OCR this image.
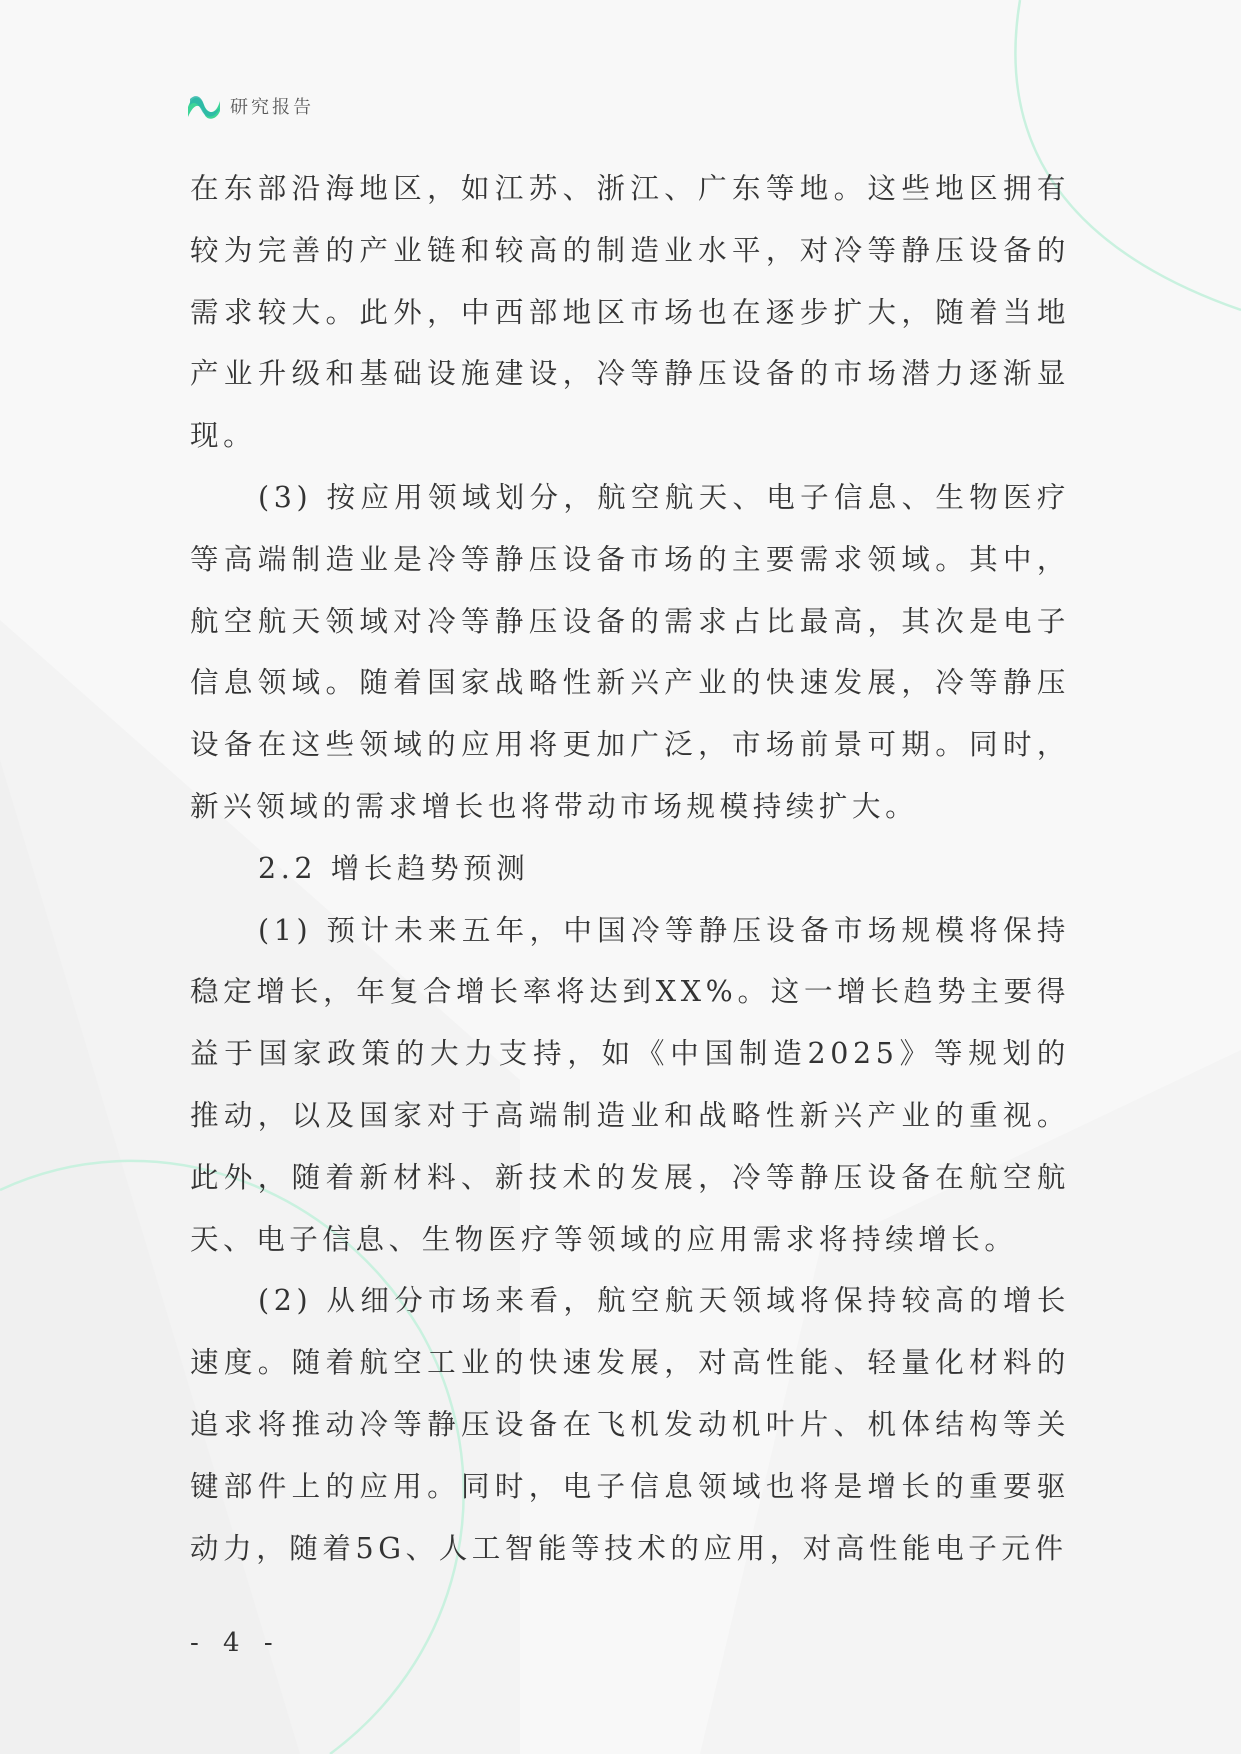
研究报告

在东部沿海地区，如江苏、浙江、广东等地。这些地区拥有较为完善的产业链和较高的制造业水平，对冷等静压设备的需求较大。此外，中西部地区市场也在逐步扩大，随着当地产业升级和基础设施建设，冷等静压设备的市场潜力逐渐显现。

(3) 按应用领域划分，航空航天、电子信息、生物医疗等高端制造业是冷等静压设备市场的主要需求领域。其中，航空航天领域对冷等静压设备的需求占比最高，其次是电子信息领域。随着国家战略性新兴产业的快速发展，冷等静压设备在这些领域的应用将更加广泛，市场前景可期。同时，新兴领域的需求增长也将带动市场规模持续扩大。

2.2 增长趋势预测

(1) 预计未来五年，中国冷等静压设备市场规模将保持稳定增长，年复合增长率将达到XX%。这一增长趋势主要得益于国家政策的大力支持，如《中国制造2025》等规划的推动，以及国家对于高端制造业和战略性新兴产业的重视。此外，随着新材料、新技术的发展，冷等静压设备在航空航天、电子信息、生物医疗等领域的应用需求将持续增长。

(2) 从细分市场来看，航空航天领域将保持较高的增长速度。随着航空工业的快速发展，对高性能、轻量化材料的追求将推动冷等静压设备在飞机发动机叶片、机体结构等关键部件上的应用。同时，电子信息领域也将是增长的重要驱动力，随着5G、人工智能等技术的应用，对高性能电子元件

- 4 -
